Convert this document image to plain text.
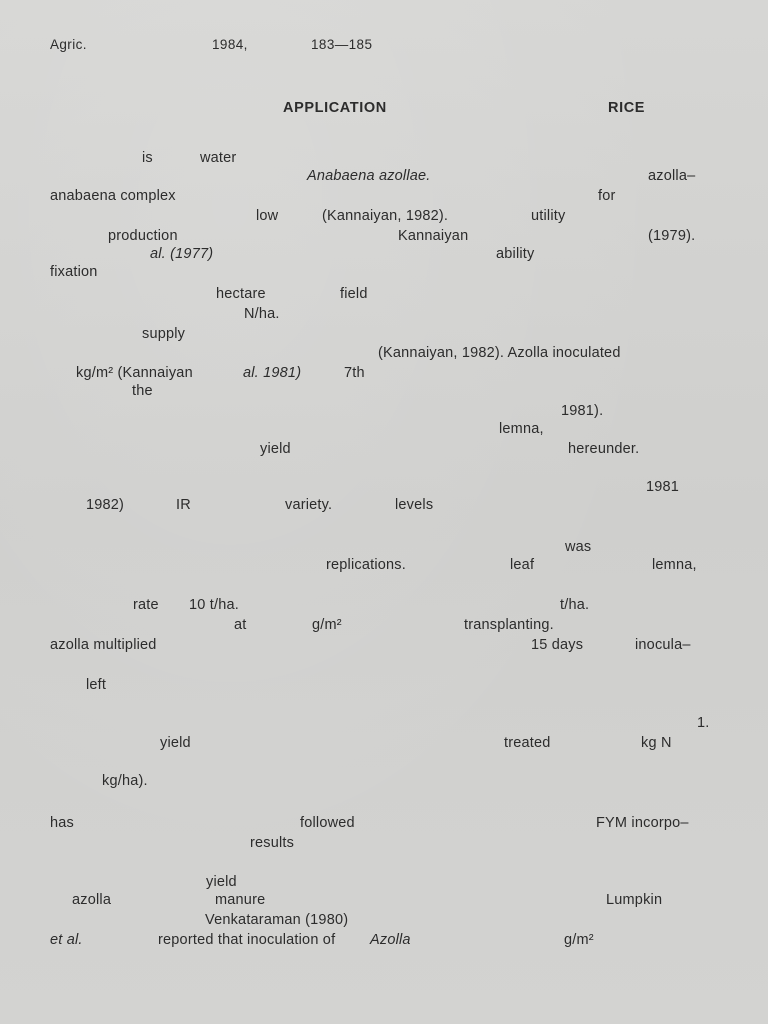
Agric.	1984,	183—185
APPLICATION	RICE
is	water
Anabaena azollae.	azolla–
anabaena complex	for
low	(Kannaiyan, 1982).	utility
production	Kannaiyan	(1979).
al. (1977)	ability
fixation
hectare	field
N/ha.
supply
(Kannaiyan, 1982). Azolla inoculated
kg/m² (Kannaiyan	al. 1981)	7th
the
1981).
lemna,
yield	hereunder.
1981
1982)	IR	variety.	levels
was
replications.	leaf	lemna,
rate 10 t/ha.	t/ha.
at	g/m²	transplanting.
azolla multiplied	15 days	inocula–
left
1.
yield	treated	kg N
kg/ha).
has	followed	FYM incorpo–
results
yield
azolla	manure	Lumpkin
Venkataraman (1980)
et al.	reported that inoculation of Azolla	g/m²
